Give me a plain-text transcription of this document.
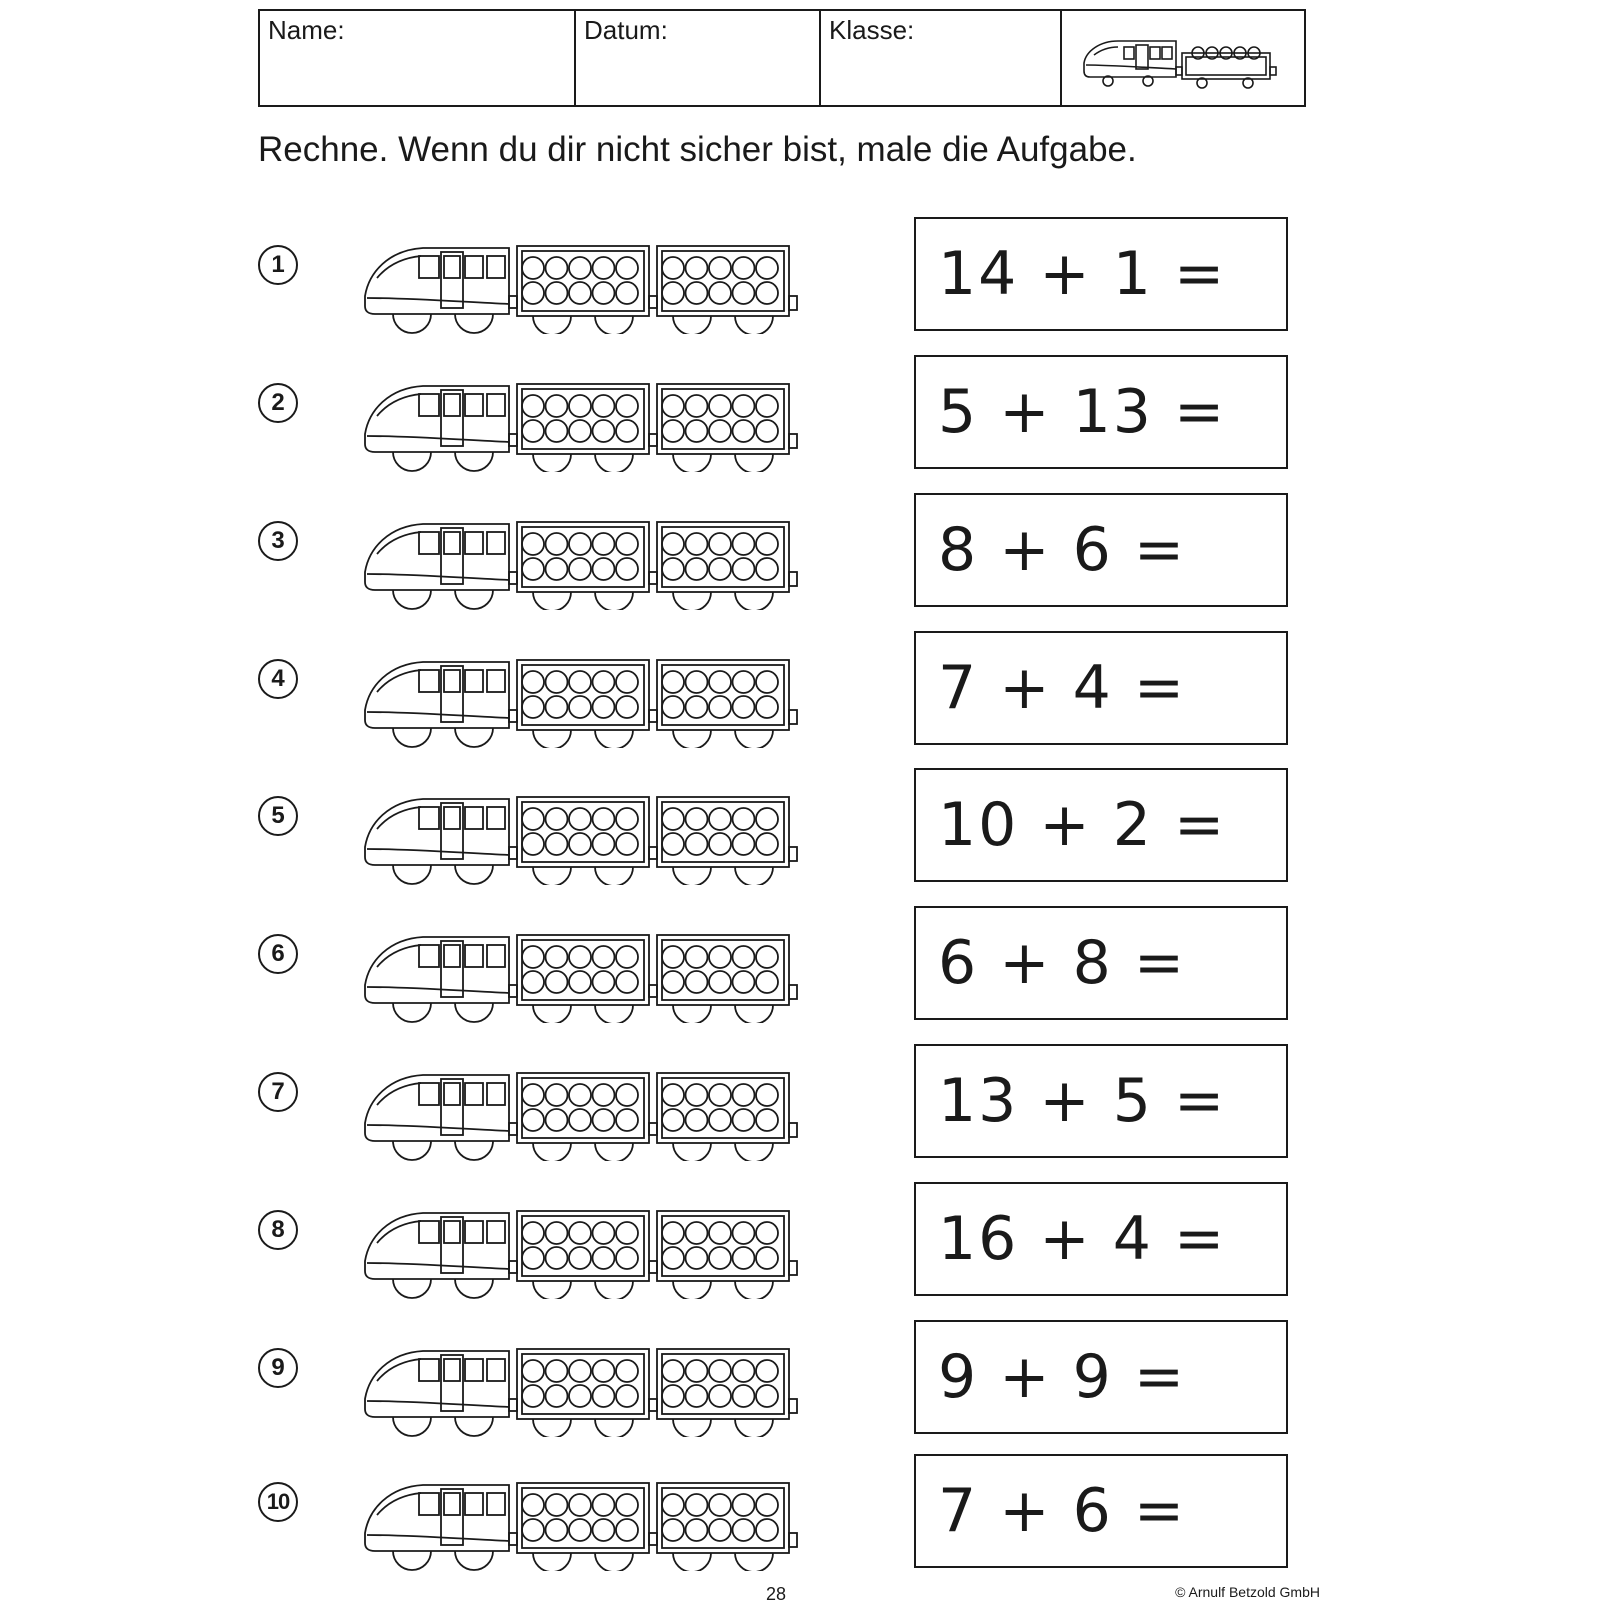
Name:	Datum:	Klasse:
Rechne. Wenn du dir nicht sicher bist, male die Aufgabe.
1	14 + 1 =
2	5 + 13 =
3	8 + 6 =
4	7 + 4 =
5	10 + 2 =
6	6 + 8 =
7	13 + 5 =
8	16 + 4 =
9	9 + 9 =
10	7 + 6 =
28	© Arnulf Betzold GmbH
